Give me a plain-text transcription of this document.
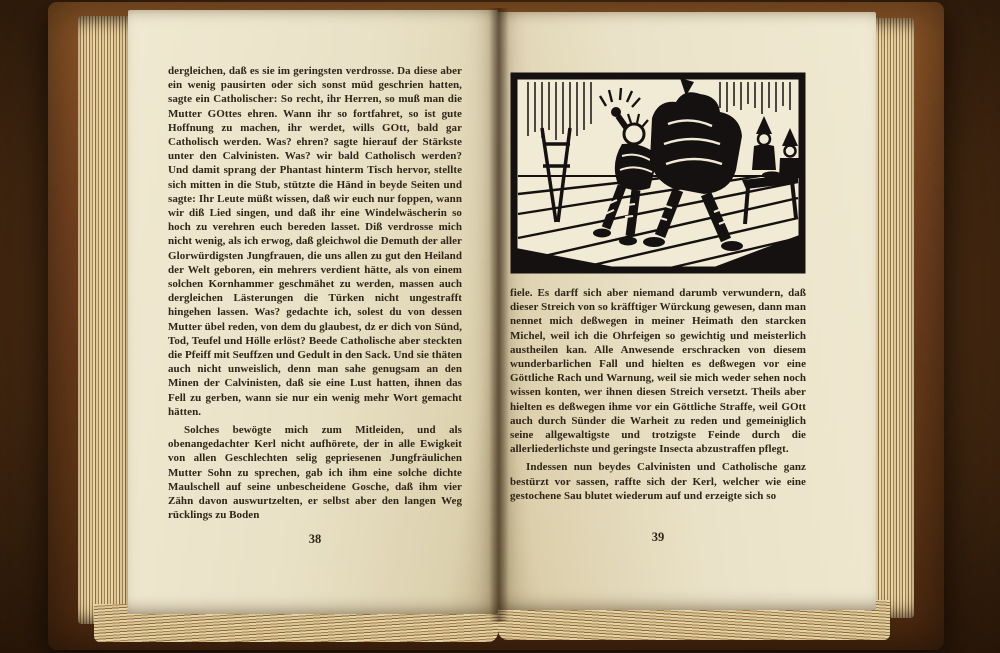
dergleichen, daß es sie im geringsten verdrosse. Da diese aber ein wenig pausirten oder sich sonst müd geschrien hatten, sagte ein Catholischer: So recht, ihr Herren, so muß man die Mutter GOttes ehren. Wann ihr so fortfahret, so ist gute Hoffnung zu machen, ihr werdet, wills GOtt, bald gar Catholisch werden. Was? ehren? sagte hierauf der Stärkste unter den Calvinisten. Was? wir bald Catholisch werden? Und damit sprang der Phantast hinterm Tisch hervor, stellte sich mitten in die Stub, stützte die Händ in beyde Seiten und sagte: Ihr Leute müßt wissen, daß wir euch nur foppen, wann wir diß Lied singen, und daß ihr eine Windelwäscherin so hoch zu verehren euch bereden lasset. Diß verdrosse mich nicht wenig, als ich erwog, daß gleichwol die Demuth der aller Glorwürdigsten Jungfrauen, die uns allen zu gut den Heiland der Welt geboren, ein mehrers verdient hätte, als von einem solchen Kornhammer geschmähet zu werden, massen auch dergleichen Lästerungen die Türken nicht ungestrafft hingehen lassen. Was? gedachte ich, solest du von dessen Mutter übel reden, von dem du glaubest, dz er dich von Sünd, Tod, Teufel und Hölle erlöst? Beede Catholische aber steckten die Pfeiff mit Seuffzen und Gedult in den Sack. Und sie thäten auch nicht unweislich, denn man sahe genugsam an den Minen der Calvinisten, daß sie eine Lust hatten, ihnen das Fell zu gerben, wann sie nur ein wenig mehr Wort gemacht hätten.

Solches bewögte mich zum Mitleiden, und als obenangedachter Kerl nicht aufhörete, der in alle Ewigkeit von allen Geschlechten selig gepriesenen Jungfräulichen Mutter Sohn zu sprechen, gab ich ihm eine solche dichte Maulschell auf seine unbescheidene Gosche, daß ihm vier Zähn davon auswurtzelten, er selbst aber den langen Weg rücklings zu Boden

38

fiele. Es darff sich aber niemand darumb verwundern, daß dieser Streich von so kräfftiger Würckung gewesen, dann man nennet mich deßwegen in meiner Heimath den starcken Michel, weil ich die Ohrfeigen so gewichtig und meisterlich austheilen kan. Alle Anwesende erschracken von diesem wunderbarlichen Fall und hielten es deßwegen vor eine Göttliche Rach und Warnung, weil sie mich weder sehen noch wissen konten, wer ihnen diesen Streich versetzt. Theils aber hielten es deßwegen ihme vor ein Göttliche Straffe, weil GOtt auch durch Sünder die Warheit zu reden und gemeiniglich seine allgewaltigste und trotzigste Feinde durch die allerliederlichste und geringste Insecta abzustraffen pflegt.

Indessen nun beydes Calvinisten und Catholische ganz bestürzt vor sassen, raffte sich der Kerl, welcher wie eine gestochene Sau blutet wiederum auf und erzeigte sich so

39
